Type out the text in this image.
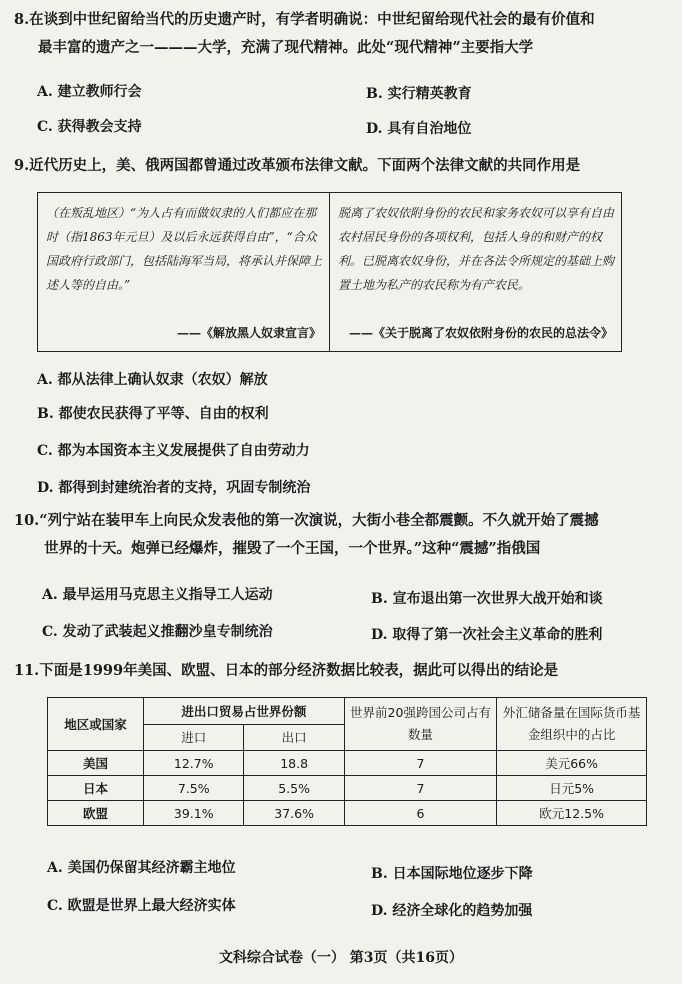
8.在谈到中世纪留给当代的历史遗产时，有学者明确说：中世纪留给现代社会的最有价值和
最丰富的遗产之一———大学，充满了现代精神。此处“现代精神”主要指大学
A. 建立教师行会	B. 实行精英教育
C. 获得教会支持	D. 具有自治地位
9.近代历史上，美、俄两国都曾通过改革颁布法律文献。下面两个法律文献的共同作用是
（在叛乱地区）“为人占有而做奴隶的人们都应在那时（指1863年元旦）及以后永远获得自由”，“合众国政府行政部门，包括陆海军当局，将承认并保障上述人等的自由。”
——《解放黑人奴隶宣言》
脱离了农奴依附身份的农民和家务农奴可以享有自由农村居民身份的各项权利，包括人身的和财产的权利。已脱离农奴身份，并在各法令所规定的基础上购置土地为私产的农民称为有产农民。
——《关于脱离了农奴依附身份的农民的总法令》
A. 都从法律上确认奴隶（农奴）解放
B. 都使农民获得了平等、自由的权利
C. 都为本国资本主义发展提供了自由劳动力
D. 都得到封建统治者的支持，巩固专制统治
10.“列宁站在装甲车上向民众发表他的第一次演说，大街小巷全都震颤。不久就开始了震撼
世界的十天。炮弹已经爆炸，摧毁了一个王国，一个世界。”这种“震撼”指俄国
A. 最早运用马克思主义指导工人运动	B. 宣布退出第一次世界大战开始和谈
C. 发动了武装起义推翻沙皇专制统治	D. 取得了第一次社会主义革命的胜利
11.下面是1999年美国、欧盟、日本的部分经济数据比较表，据此可以得出的结论是
地区或国家	进出口贸易占世界份额		世界前20强跨国公司占有数量	外汇储备量在国际货币基金组织中的占比
	进口	出口		
美国	12.7%	18.8	7	美元66%
日本	7.5%	5.5%	7	日元5%
欧盟	39.1%	37.6%	6	欧元12.5%
A. 美国仍保留其经济霸主地位	B. 日本国际地位逐步下降
C. 欧盟是世界上最大经济实体	D. 经济全球化的趋势加强
文科综合试卷（一） 第3页（共16页）
